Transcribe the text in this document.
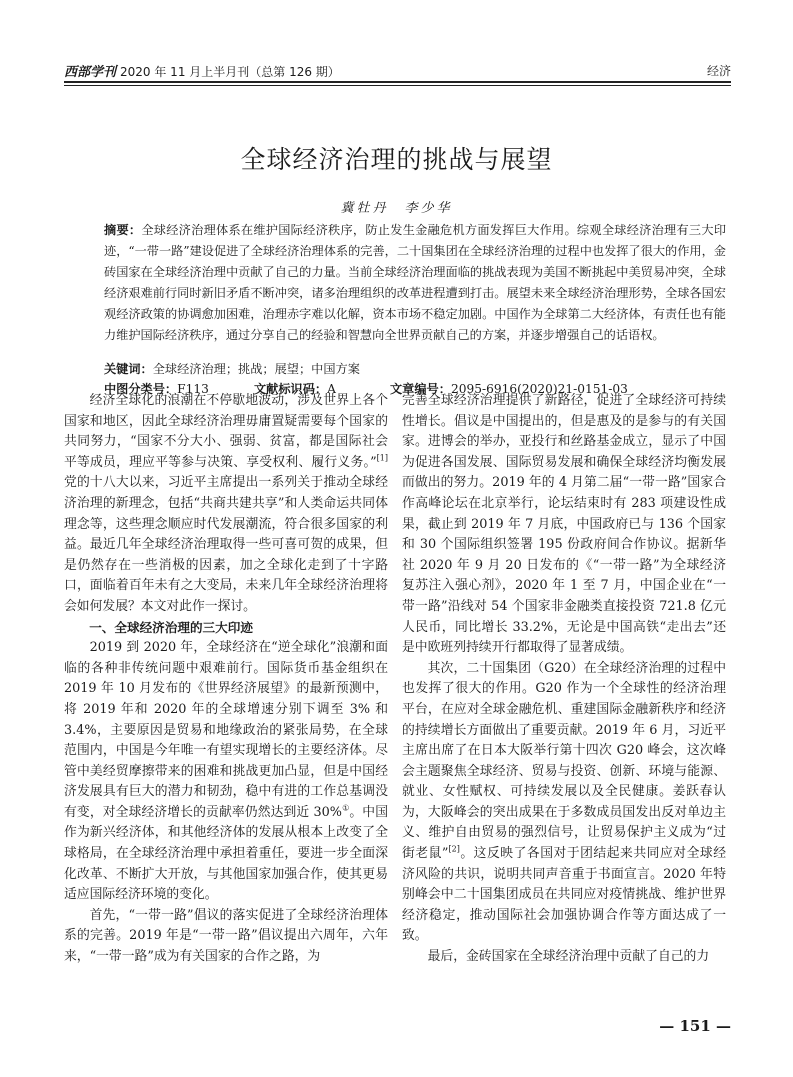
西部学刊 2020 年 11 月上半月刊（总第 126 期）	经济
全球经济治理的挑战与展望
冀牡丹　李少华
摘要：全球经济治理体系在维护国际经济秩序，防止发生金融危机方面发挥巨大作用。综观全球经济治理有三大印迹，“一带一路”建设促进了全球经济治理体系的完善，二十国集团在全球经济治理的过程中也发挥了很大的作用，金砖国家在全球经济治理中贡献了自己的力量。当前全球经济治理面临的挑战表现为美国不断挑起中美贸易冲突，全球经济艰难前行同时新旧矛盾不断冲突，诸多治理组织的改革进程遭到打击。展望未来全球经济治理形势，全球各国宏观经济政策的协调愈加困难，治理赤字难以化解，资本市场不稳定加剧。中国作为全球第二大经济体，有责任也有能力维护国际经济秩序，通过分享自己的经验和智慧向全世界贡献自己的方案，并逐步增强自己的话语权。
关键词：全球经济治理；挑战；展望；中国方案
中图分类号：F113	文献标识码：A	文章编号：2095-6916(2020)21-0151-03

经济全球化的浪潮在不停歇地波动，涉及世界上各个国家和地区，因此全球经济治理毋庸置疑需要每个国家的共同努力，“国家不分大小、强弱、贫富，都是国际社会平等成员，理应平等参与决策、享受权利、履行义务。”[1]党的十八大以来，习近平主席提出一系列关于推动全球经济治理的新理念，包括“共商共建共享”和人类命运共同体理念等，这些理念顺应时代发展潮流，符合很多国家的利益。最近几年全球经济治理取得一些可喜可贺的成果，但是仍然存在一些消极的因素，加之全球化走到了十字路口，面临着百年未有之大变局，未来几年全球经济治理将会如何发展？本文对此作一探讨。

一、全球经济治理的三大印迹

2019 到 2020 年，全球经济在“逆全球化”浪潮和面临的各种非传统问题中艰难前行。国际货币基金组织在 2019 年 10 月发布的《世界经济展望》的最新预测中，将 2019 年和 2020 年的全球增速分别下调至 3% 和 3.4%，主要原因是贸易和地缘政治的紧张局势，在全球范围内，中国是今年唯一有望实现增长的主要经济体。尽管中美经贸摩擦带来的困难和挑战更加凸显，但是中国经济发展具有巨大的潜力和韧劲，稳中有进的工作总基调没有变，对全球经济增长的贡献率仍然达到近 30%①。中国作为新兴经济体，和其他经济体的发展从根本上改变了全球格局，在全球经济治理中承担着重任，要进一步全面深化改革、不断扩大开放，与其他国家加强合作，使其更易适应国际经济环境的变化。

首先，“一带一路”倡议的落实促进了全球经济治理体系的完善。2019 年是“一带一路”倡议提出六周年，六年来，“一带一路”成为有关国家的合作之路，为

完善全球经济治理提供了新路径，促进了全球经济可持续性增长。倡议是中国提出的，但是惠及的是参与的有关国家。进博会的举办，亚投行和丝路基金成立，显示了中国为促进各国发展、国际贸易发展和确保全球经济均衡发展而做出的努力。2019 年的 4 月第二届“一带一路”国家合作高峰论坛在北京举行，论坛结束时有 283 项建设性成果，截止到 2019 年 7 月底，中国政府已与 136 个国家和 30 个国际组织签署 195 份政府间合作协议。据新华社 2020 年 9 月 20 日发布的《“一带一路”为全球经济复苏注入强心剂》，2020 年 1 至 7 月，中国企业在“一带一路”沿线对 54 个国家非金融类直接投资 721.8 亿元人民币，同比增长 33.2%，无论是中国高铁“走出去”还是中欧班列持续开行都取得了显著成绩。

其次，二十国集团（G20）在全球经济治理的过程中也发挥了很大的作用。G20 作为一个全球性的经济治理平台，在应对全球金融危机、重建国际金融新秩序和经济的持续增长方面做出了重要贡献。2019 年 6 月，习近平主席出席了在日本大阪举行第十四次 G20 峰会，这次峰会主题聚焦全球经济、贸易与投资、创新、环境与能源、就业、女性赋权、可持续发展以及全民健康。姜跃春认为，大阪峰会的突出成果在于多数成员国发出反对单边主义、维护自由贸易的强烈信号，让贸易保护主义成为“过街老鼠”[2]。这反映了各国对于团结起来共同应对全球经济风险的共识，说明共同声音重于书面宣言。2020 年特别峰会中二十国集团成员在共同应对疫情挑战、维护世界经济稳定，推动国际社会加强协调合作等方面达成了一致。

最后，金砖国家在全球经济治理中贡献了自己的力

— 151 —
